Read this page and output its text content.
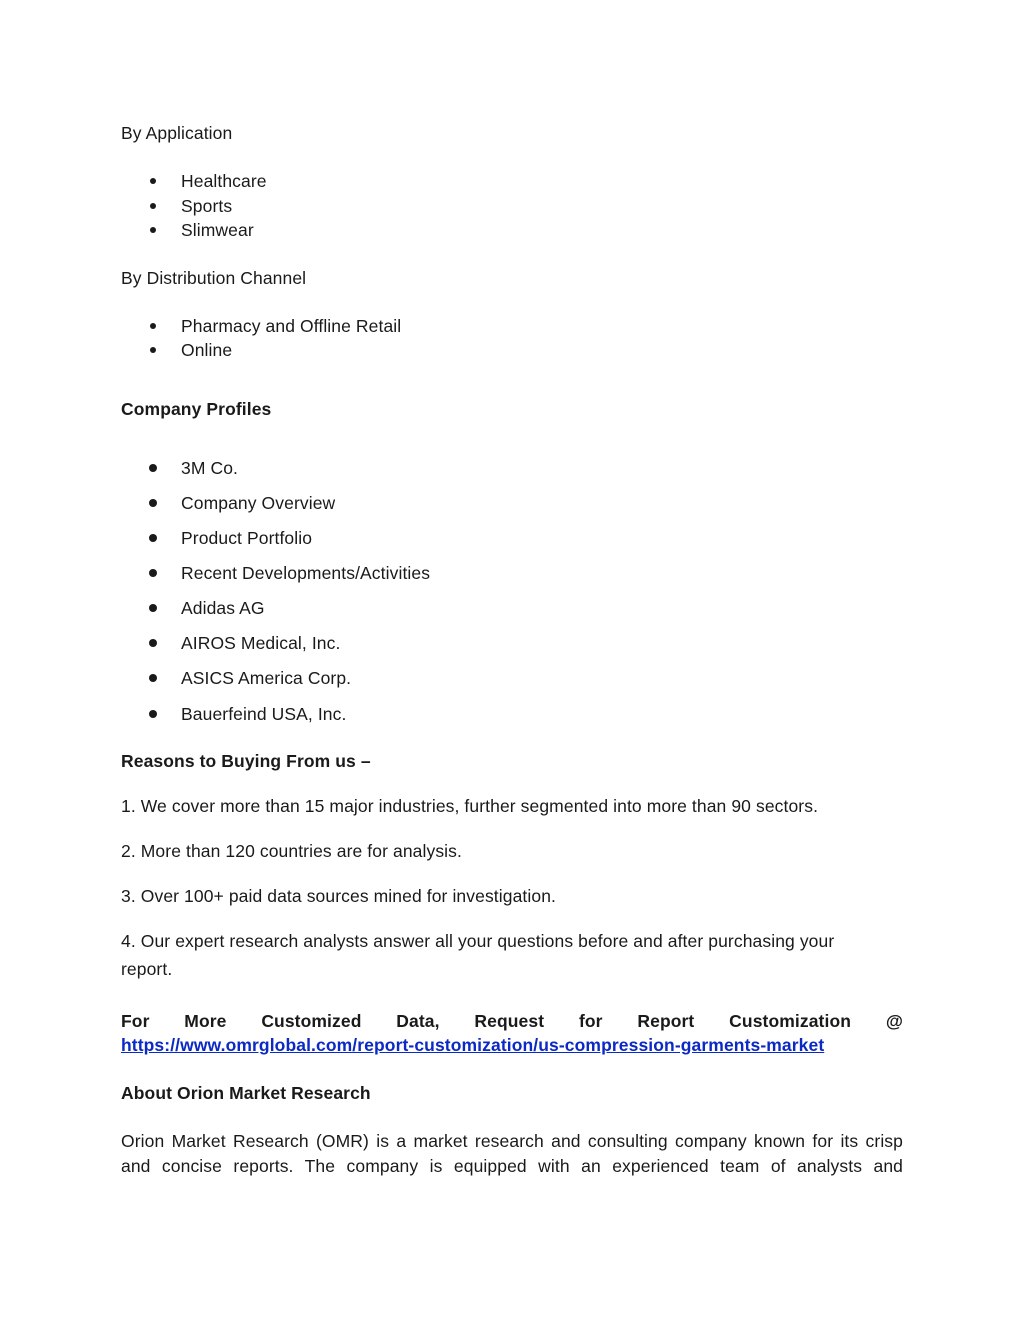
By Application
Healthcare
Sports
Slimwear
By Distribution Channel
Pharmacy and Offline Retail
Online
Company Profiles
3M Co.
Company Overview
Product Portfolio
Recent Developments/Activities
Adidas AG
AIROS Medical, Inc.
ASICS America Corp.
Bauerfeind USA, Inc.
Reasons to Buying From us –
1. We cover more than 15 major industries, further segmented into more than 90 sectors.
2. More than 120 countries are for analysis.
3. Over 100+ paid data sources mined for investigation.
4. Our expert research analysts answer all your questions before and after purchasing your
report.
For More Customized Data, Request for Report Customization @
https://www.omrglobal.com/report-customization/us-compression-garments-market
About Orion Market Research
Orion Market Research (OMR) is a market research and consulting company known for its crisp
and concise reports. The company is equipped with an experienced team of analysts and
